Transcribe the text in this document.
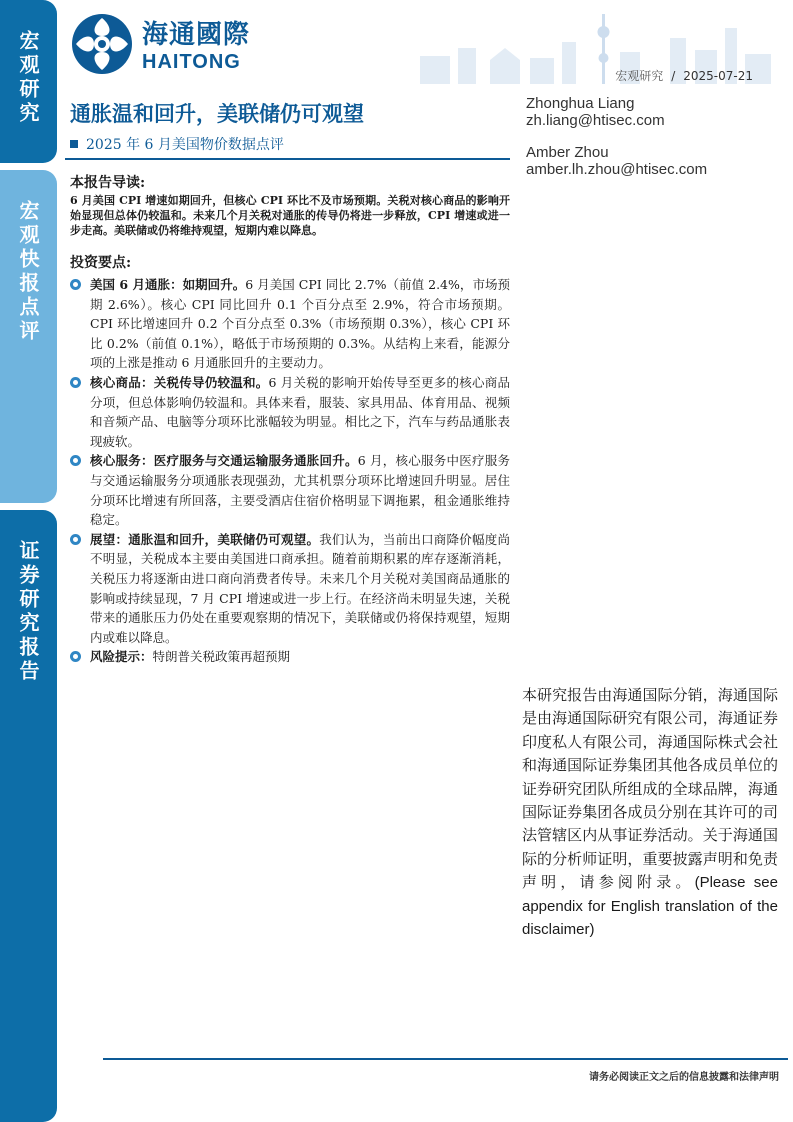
宏观研究
宏观快报点评
证券研究报告
海通國際
HAITONG
宏观研究 / 2025-07-21
通胀温和回升，美联储仍可观望
2025 年 6 月美国物价数据点评
Zhonghua Liang
zh.liang@htisec.com
Amber Zhou
amber.lh.zhou@htisec.com
本报告导读:
6 月美国 CPI 增速如期回升，但核心 CPI 环比不及市场预期。关税对核心商品的影响开始显现但总体仍较温和。未来几个月关税对通胀的传导仍将进一步释放，CPI 增速或进一步走高。美联储或仍将维持观望，短期内难以降息。
投资要点:
美国 6 月通胀：如期回升。6 月美国 CPI 同比 2.7%（前值 2.4%，市场预期 2.6%）。核心 CPI 同比回升 0.1 个百分点至 2.9%，符合市场预期。CPI 环比增速回升 0.2 个百分点至 0.3%（市场预期 0.3%），核心 CPI 环比 0.2%（前值 0.1%），略低于市场预期的 0.3%。从结构上来看，能源分项的上涨是推动 6 月通胀回升的主要动力。
核心商品：关税传导仍较温和。6 月关税的影响开始传导至更多的核心商品分项，但总体影响仍较温和。具体来看，服装、家具用品、体育用品、视频和音频产品、电脑等分项环比涨幅较为明显。相比之下，汽车与药品通胀表现疲软。
核心服务：医疗服务与交通运输服务通胀回升。6 月，核心服务中医疗服务与交通运输服务分项通胀表现强劲，尤其机票分项环比增速回升明显。居住分项环比增速有所回落，主要受酒店住宿价格明显下调拖累，租金通胀维持稳定。
展望：通胀温和回升，美联储仍可观望。我们认为，当前出口商降价幅度尚不明显，关税成本主要由美国进口商承担。随着前期积累的库存逐渐消耗，关税压力将逐渐由进口商向消费者传导。未来几个月关税对美国商品通胀的影响或持续显现，7 月 CPI 增速或进一步上行。在经济尚未明显失速，关税带来的通胀压力仍处在重要观察期的情况下，美联储或仍将保持观望，短期内或难以降息。
风险提示：特朗普关税政策再超预期
本研究报告由海通国际分销，海通国际是由海通国际研究有限公司，海通证券印度私人有限公司，海通国际株式会社和海通国际证券集团其他各成员单位的证券研究团队所组成的全球品牌，海通国际证券集团各成员分别在其许可的司法管辖区内从事证券活动。关于海通国际的分析师证明，重要披露声明和免责声明，请参阅附录。(Please see appendix for English translation of the disclaimer)
请务必阅读正文之后的信息披露和法律声明
